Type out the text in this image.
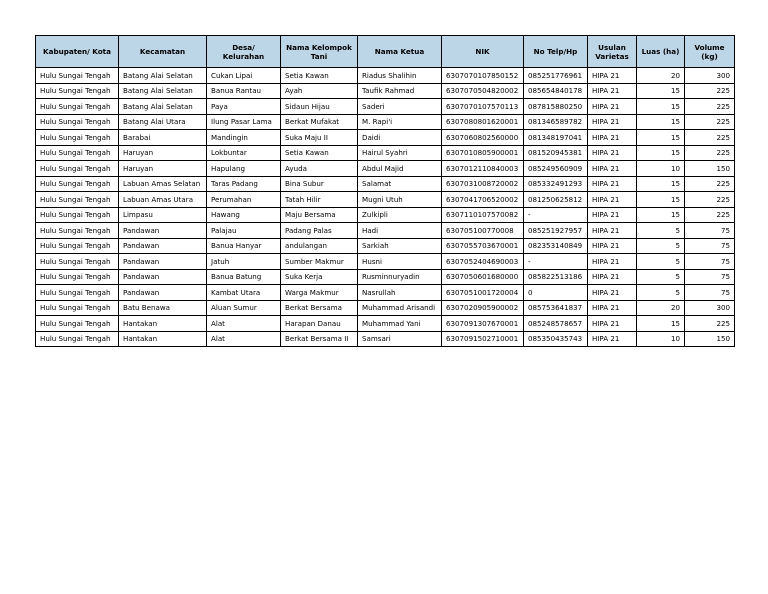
Kabupaten/ Kota	Kecamatan	Desa/ Kelurahan	Nama Kelompok Tani	Nama Ketua	NIK	No Telp/Hp	Usulan Varietas	Luas (ha)	Volume (kg)
Hulu Sungai Tengah	Batang Alai Selatan	Cukan Lipai	Setia Kawan	Riadus Shalihin	6307070107850152	085251776961	HIPA 21	20	300
Hulu Sungai Tengah	Batang Alai Selatan	Banua Rantau	Ayah	Taufik Rahmad	6307070504820002	085654840178	HIPA 21	15	225
Hulu Sungai Tengah	Batang Alai Selatan	Paya	Sidaun Hijau	Saderi	6307070107570113	087815880250	HIPA 21	15	225
Hulu Sungai Tengah	Batang Alai Utara	Ilung Pasar Lama	Berkat Mufakat	M. Rapi'i	6307080801620001	081346589782	HIPA 21	15	225
Hulu Sungai Tengah	Barabai	Mandingin	Suka Maju II	Daidi	6307060802560000	081348197041	HIPA 21	15	225
Hulu Sungai Tengah	Haruyan	Lokbuntar	Setia Kawan	Hairul Syahri	6307010805900001	081520945381	HIPA 21	15	225
Hulu Sungai Tengah	Haruyan	Hapulang	Ayuda	Abdul Majid	6307012110840003	085249560909	HIPA 21	10	150
Hulu Sungai Tengah	Labuan Amas Selatan	Taras Padang	Bina Subur	Salamat	6307031008720002	085332491293	HIPA 21	15	225
Hulu Sungai Tengah	Labuan Amas Utara	Perumahan	Tatah Hilir	Mugni Utuh	6307041706520002	081250625812	HIPA 21	15	225
Hulu Sungai Tengah	Limpasu	Hawang	Maju Bersama	Zulkipli	6307110107570082	-	HIPA 21	15	225
Hulu Sungai Tengah	Pandawan	Palajau	Padang Palas	Hadi	630705100770008	085251927957	HIPA 21	5	75
Hulu Sungai Tengah	Pandawan	Banua Hanyar	andulangan	Sarkiah	6307055703670001	082353140849	HIPA 21	5	75
Hulu Sungai Tengah	Pandawan	Jatuh	Sumber Makmur	Husni	6307052404690003	-	HIPA 21	5	75
Hulu Sungai Tengah	Pandawan	Banua Batung	Suka Kerja	Rusminnuryadin	6307050601680000	085822513186	HIPA 21	5	75
Hulu Sungai Tengah	Pandawan	Kambat Utara	Warga Makmur	Nasrullah	6307051001720004	0	HIPA 21	5	75
Hulu Sungai Tengah	Batu Benawa	Aluan Sumur	Berkat Bersama	Muhammad Arisandi	6307020905900002	085753641837	HIPA 21	20	300
Hulu Sungai Tengah	Hantakan	Alat	Harapan Danau	Muhammad Yani	6307091307670001	085248578657	HIPA 21	15	225
Hulu Sungai Tengah	Hantakan	Alat	Berkat Bersama II	Samsari	6307091502710001	085350435743	HIPA 21	10	150
